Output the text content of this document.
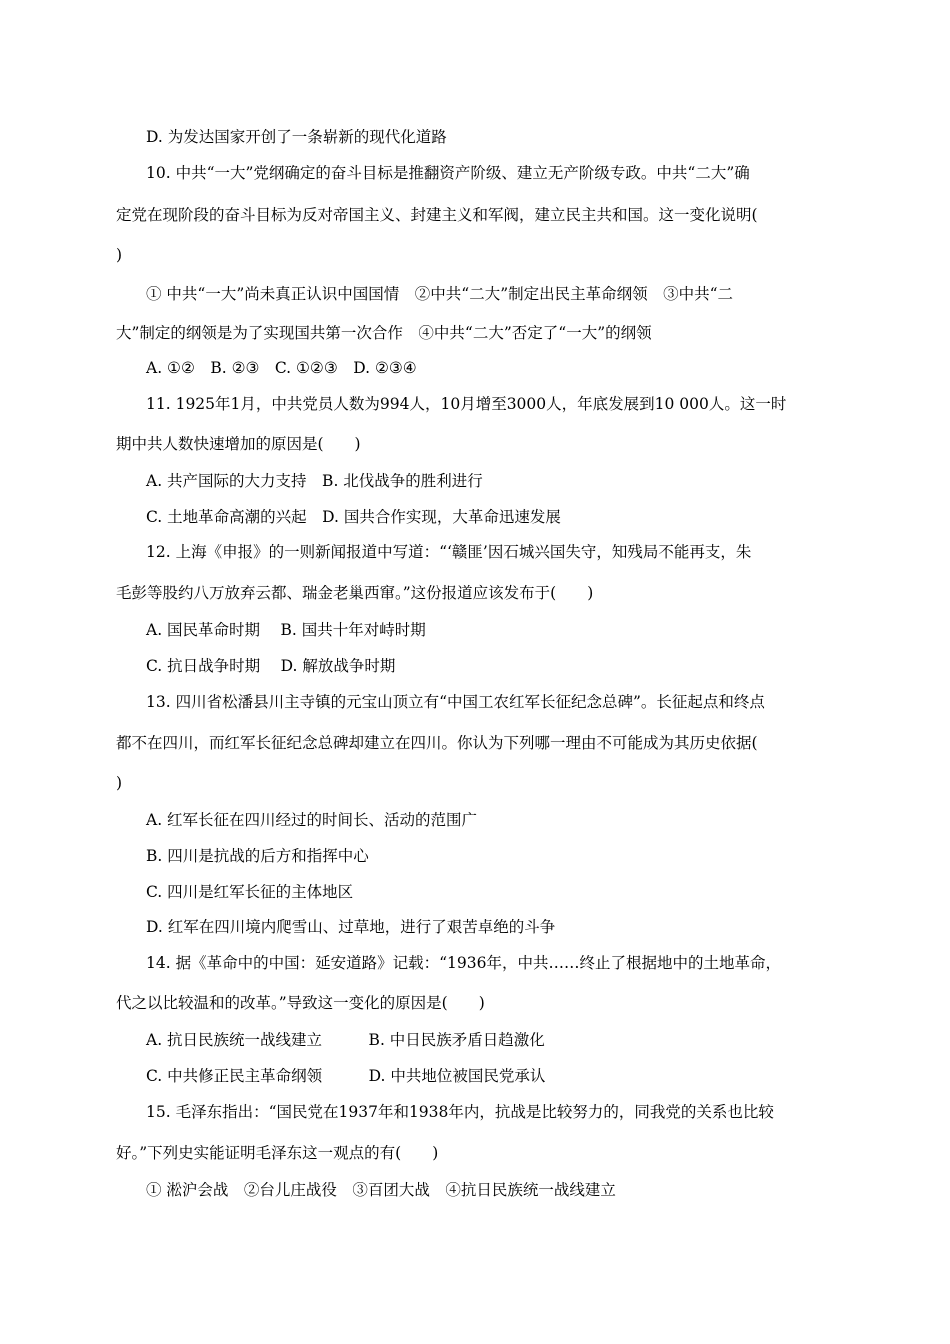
D. 为发达国家开创了一条崭新的现代化道路
10. 中共“一大”党纲确定的奋斗目标是推翻资产阶级、建立无产阶级专政。中共“二大”确
定党在现阶段的奋斗目标为反对帝国主义、封建主义和军阀，建立民主共和国。这一变化说明(
)
① 中共“一大”尚未真正认识中国国情　②中共“二大”制定出民主革命纲领　③中共“二
大”制定的纲领是为了实现国共第一次合作　④中共“二大”否定了“一大”的纲领
A. ①②　B. ②③　C. ①②③　D. ②③④
11. 1925年1月，中共党员人数为994人，10月增至3000人，年底发展到10 000人。这一时
期中共人数快速增加的原因是(　　)
A. 共产国际的大力支持　B. 北伐战争的胜利进行
C. 土地革命高潮的兴起　D. 国共合作实现，大革命迅速发展
12. 上海《申报》的一则新闻报道中写道：“‘赣匪’因石城兴国失守，知残局不能再支，朱
毛彭等股约八万放弃云都、瑞金老巢西窜。”这份报道应该发布于(　　)
A. 国民革命时期　 B. 国共十年对峙时期
C. 抗日战争时期　 D. 解放战争时期
13. 四川省松潘县川主寺镇的元宝山顶立有“中国工农红军长征纪念总碑”。长征起点和终点
都不在四川，而红军长征纪念总碑却建立在四川。你认为下列哪一理由不可能成为其历史依据(
)
A. 红军长征在四川经过的时间长、活动的范围广
B. 四川是抗战的后方和指挥中心
C. 四川是红军长征的主体地区
D. 红军在四川境内爬雪山、过草地，进行了艰苦卓绝的斗争
14. 据《革命中的中国：延安道路》记载：“1936年，中共……终止了根据地中的土地革命，
代之以比较温和的改革。”导致这一变化的原因是(　　)
A. 抗日民族统一战线建立　　　B. 中日民族矛盾日趋激化
C. 中共修正民主革命纲领　　　D. 中共地位被国民党承认
15. 毛泽东指出：“国民党在1937年和1938年内，抗战是比较努力的，同我党的关系也比较
好。”下列史实能证明毛泽东这一观点的有(　　)
① 淞沪会战　②台儿庄战役　③百团大战　④抗日民族统一战线建立
